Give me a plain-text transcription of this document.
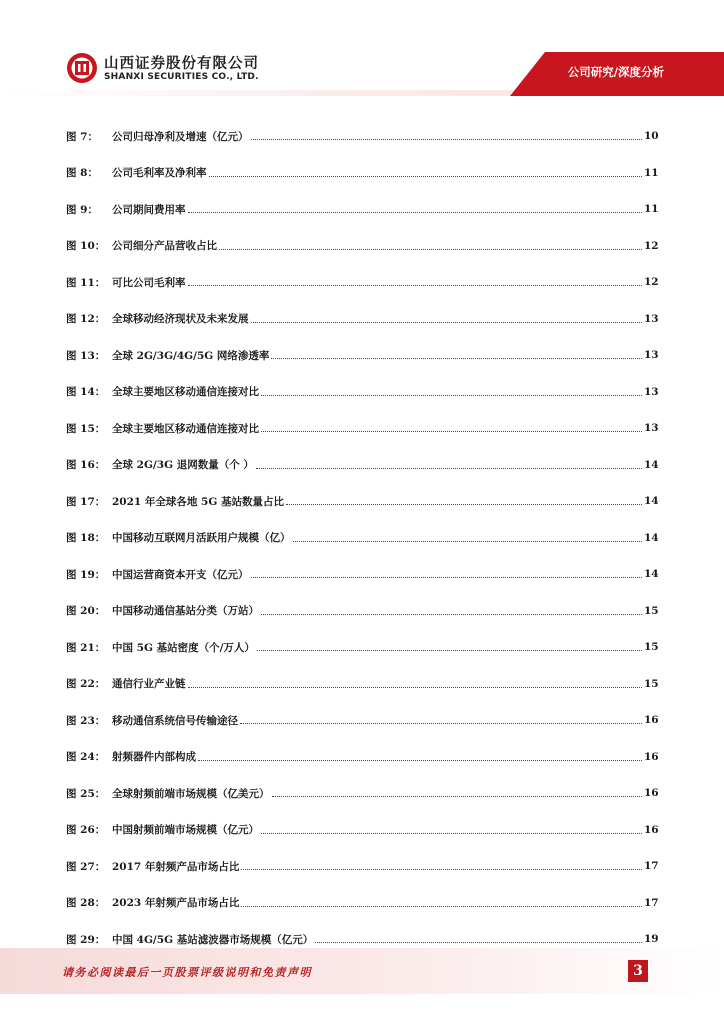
山西证券股份有限公司
SHANXI SECURITIES CO., LTD.	公司研究/深度分析
图 7：	公司归母净利及增速（亿元）	10
图 8：	公司毛利率及净利率	11
图 9：	公司期间费用率	11
图 10： 公司细分产品营收占比	12
图 11： 可比公司毛利率	12
图 12： 全球移动经济现状及未来发展	13
图 13： 全球 2G/3G/4G/5G 网络渗透率	13
图 14： 全球主要地区移动通信连接对比	13
图 15： 全球主要地区移动通信连接对比	13
图 16： 全球 2G/3G 退网数量（个 ）	14
图 17： 2021 年全球各地 5G 基站数量占比	14
图 18： 中国移动互联网月活跃用户规模（亿）	14
图 19： 中国运营商资本开支（亿元）	14
图 20： 中国移动通信基站分类（万站）	15
图 21： 中国 5G 基站密度（个/万人）	15
图 22： 通信行业产业链	15
图 23： 移动通信系统信号传输途径	16
图 24： 射频器件内部构成	16
图 25： 全球射频前端市场规模（亿美元）	16
图 26： 中国射频前端市场规模（亿元）	16
图 27： 2017 年射频产品市场占比	17
图 28： 2023 年射频产品市场占比	17
图 29： 中国 4G/5G 基站滤波器市场规模（亿元）	19
请务必阅读最后一页股票评级说明和免责声明	3
